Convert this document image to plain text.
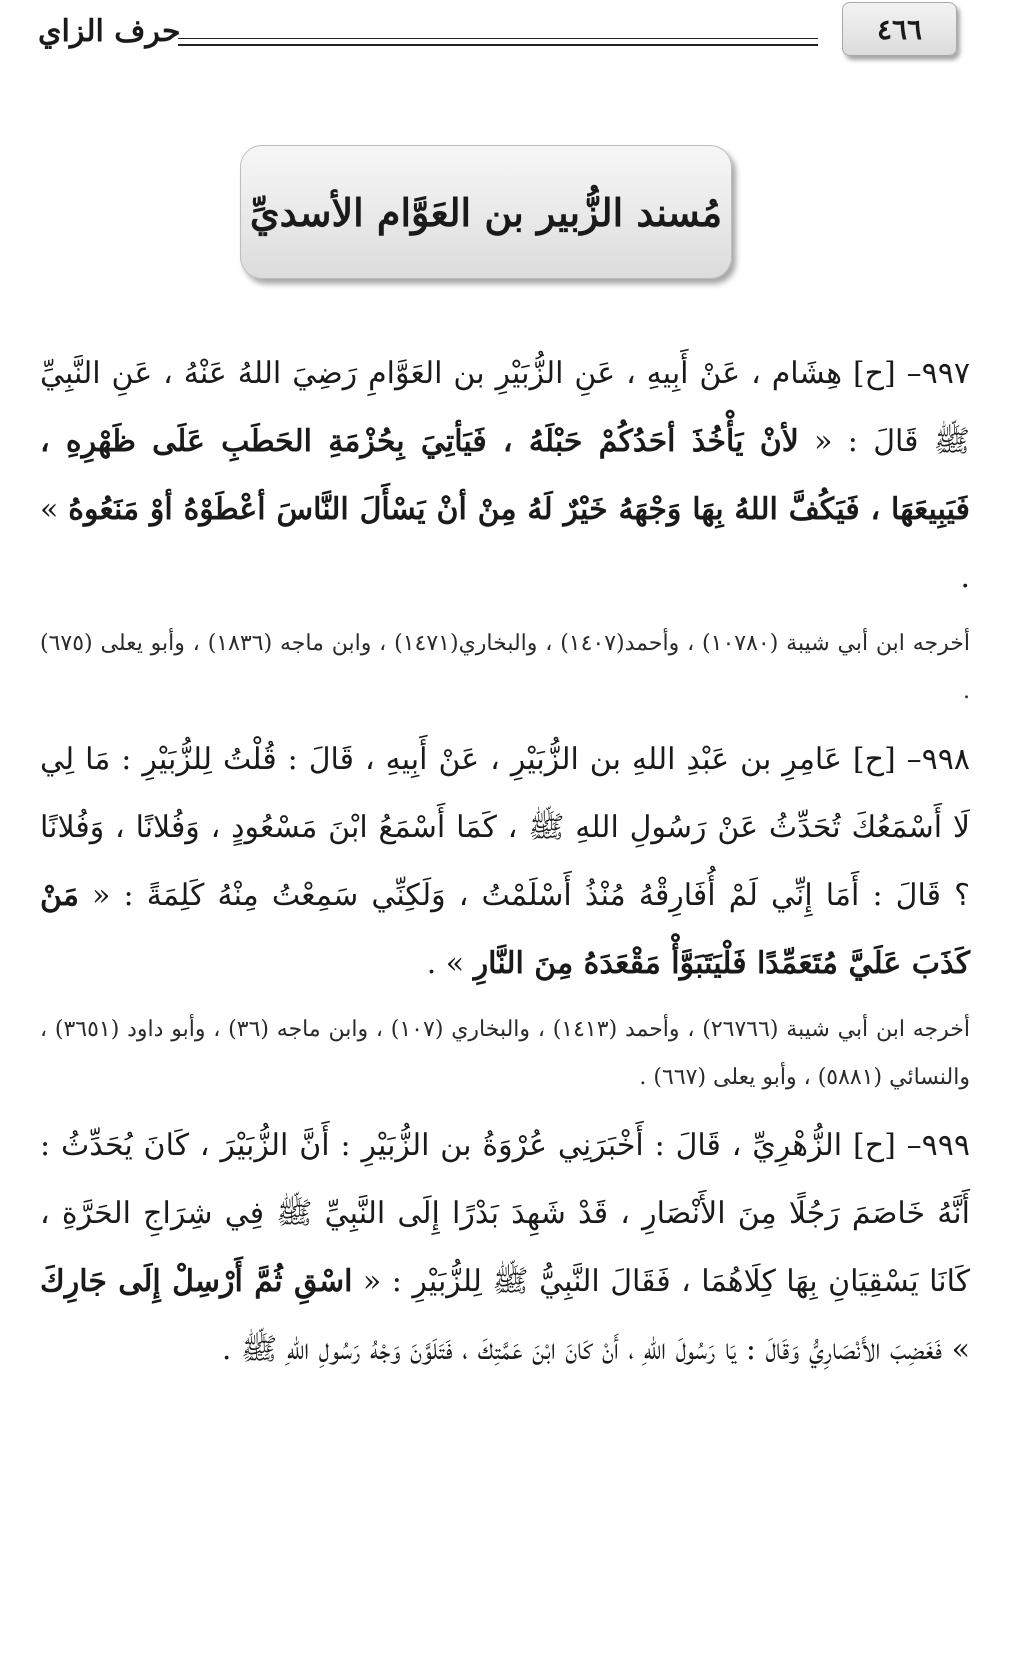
٤٦٦
حرف الزاي
مُسند الزُّبير بن العَوَّام الأسديِّ

٩٩٧– [ح] هِشَام ، عَنْ أَبِيهِ ، عَنِ الزُّبَيْرِ بن العَوَّامِ رَضِيَ اللهُ عَنْهُ ، عَنِ النَّبِيِّ ﷺ قَالَ : « لأنْ يَأْخُذَ أحَدُكُمْ حَبْلَهُ ، فَيَأتِيَ بِحُزْمَةِ الحَطَبِ عَلَى ظَهْرِهِ ، فَيَبِيعَهَا ، فَيَكُفَّ اللهُ بِهَا وَجْهَهُ خَيْرٌ لَهُ مِنْ أنْ يَسْأَلَ النَّاسَ أعْطَوْهُ أوْ مَنَعُوهُ » .

أخرجه ابن أبي شيبة (١٠٧٨٠) ، وأحمد(١٤٠٧) ، والبخاري(١٤٧١) ، وابن ماجه (١٨٣٦) ، وأبو يعلى (٦٧٥) .

٩٩٨– [ح] عَامِرِ بن عَبْدِ اللهِ بن الزُّبَيْرِ ، عَنْ أَبِيهِ ، قَالَ : قُلْتُ لِلزُّبَيْرِ : مَا لِي لَا أَسْمَعُكَ تُحَدِّثُ عَنْ رَسُولِ اللهِ ﷺ ، كَمَا أَسْمَعُ ابْنَ مَسْعُودٍ ، وَفُلانًا ، وَفُلانًا ؟ قَالَ : أَمَا إِنِّي لَمْ أُفَارِقْهُ مُنْذُ أَسْلَمْتُ ، وَلَكِنِّي سَمِعْتُ مِنْهُ كَلِمَةً : « مَنْ كَذَبَ عَلَيَّ مُتَعَمِّدًا فَلْيَتَبَوَّأْ مَقْعَدَهُ مِنَ النَّارِ » .

أخرجه ابن أبي شيبة (٢٦٧٦٦) ، وأحمد (١٤١٣) ، والبخاري (١٠٧) ، وابن ماجه (٣٦) ، وأبو داود (٣٦٥١) ، والنسائي (٥٨٨١) ، وأبو يعلى (٦٦٧) .

٩٩٩– [ح] الزُّهْرِيِّ ، قَالَ : أَخْبَرَنِي عُرْوَةُ بن الزُّبَيْرِ : أَنَّ الزُّبَيْرَ ، كَانَ يُحَدِّثُ : أَنَّهُ خَاصَمَ رَجُلًا مِنَ الأَنْصَارِ ، قَدْ شَهِدَ بَدْرًا إِلَى النَّبِيِّ ﷺ فِي شِرَاجِ الحَرَّةِ ، كَانَا يَسْقِيَانِ بِهَا كِلَاهُمَا ، فَقَالَ النَّبِيُّ ﷺ لِلزُّبَيْرِ : « اسْقِ ثُمَّ أَرْسِلْ إِلَى جَارِكَ » فَغَضِبَ الأَنْصَارِيُّ وَقَالَ : يَا رَسُولَ اللهِ ، أَنْ كَانَ ابْنَ عَمَّتِكَ ، فَتَلَوَّنَ وَجْهُ رَسُولِ اللهِ ﷺ .
